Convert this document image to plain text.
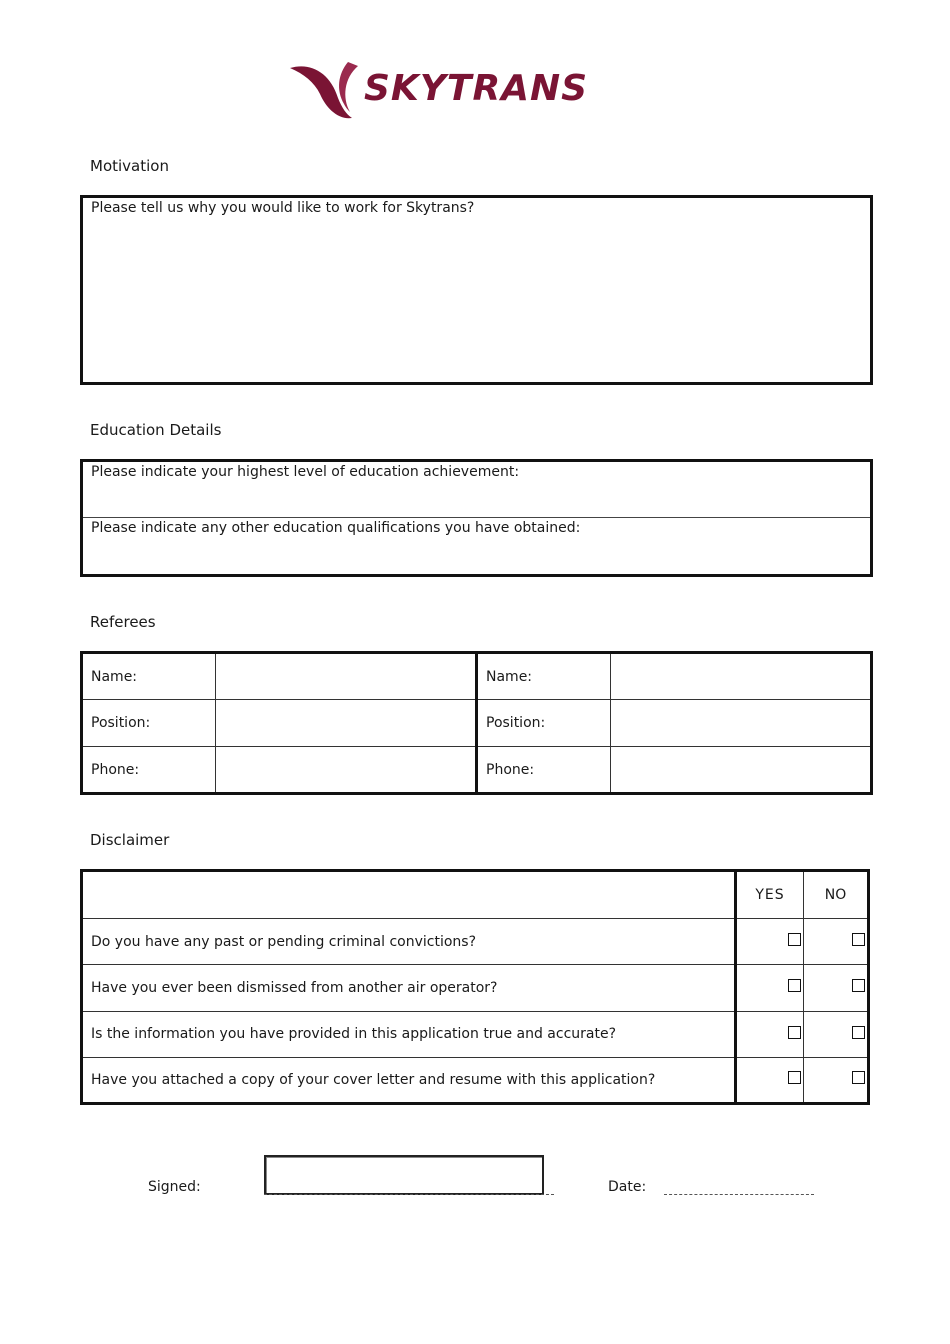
SKYTRANS
Motivation
Please tell us why you would like to work for Skytrans?
Education Details
Please indicate your highest level of education achievement:
Please indicate any other education qualifications you have obtained:
Referees
Name:		Name:	
Position:		Position:	
Phone:		Phone:	
Disclaimer
	YES	NO
Do you have any past or pending criminal convictions?		
Have you ever been dismissed from another air operator?		
Is the information you have provided in this application true and accurate?		
Have you attached a copy of your cover letter and resume with this application?		
Signed:	Date:
